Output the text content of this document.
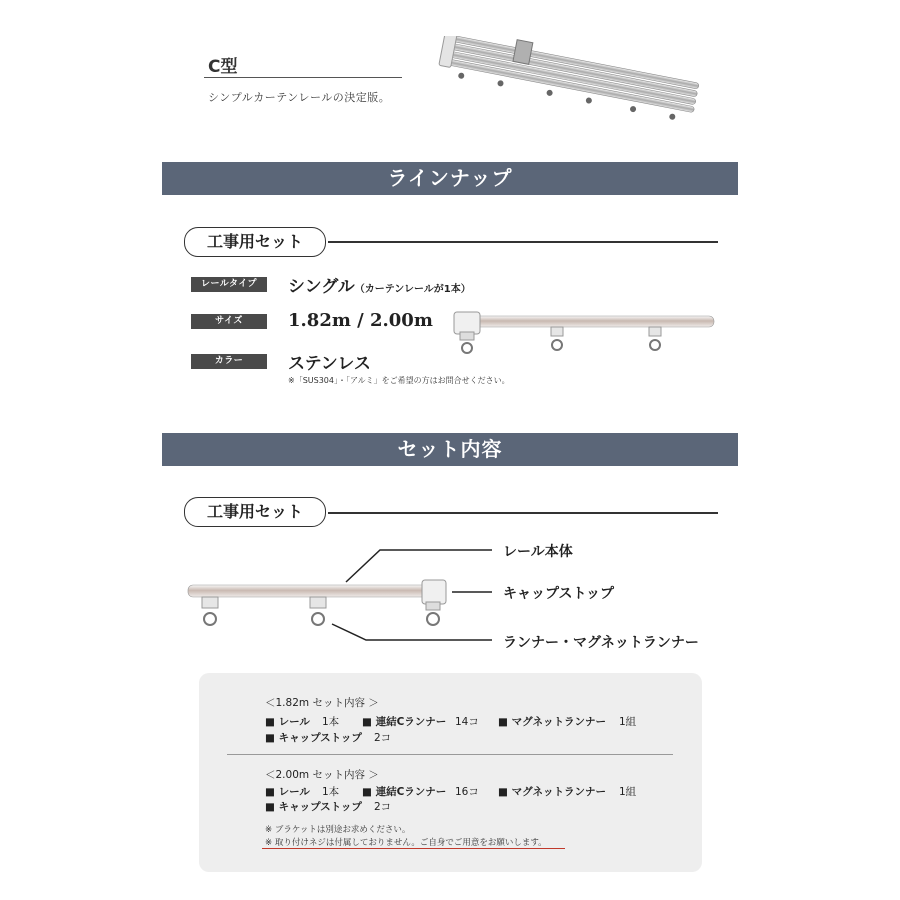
C型
シンプルカーテンレールの決定版。
ラインナップ
工事用セット
レールタイプ	シングル（カーテンレールが1本）
サイズ	1.82m / 2.00m
カラー	ステンレス
※「SUS304」・「アルミ」をご希望の方はお問合せください。
セット内容
工事用セット
レール本体
キャップストップ
ランナー・マグネットランナー
＜1.82m セット内容 ＞
■ レール 1本 ■ 連結Cランナー 14コ ■ マグネットランナー 1組
■ キャップストップ 2コ
＜2.00m セット内容 ＞
■ レール 1本 ■ 連結Cランナー 16コ ■ マグネットランナー 1組
■ キャップストップ 2コ
※ ブラケットは別途お求めください。
※ 取り付けネジは付属しておりません。ご自身でご用意をお願いします。
